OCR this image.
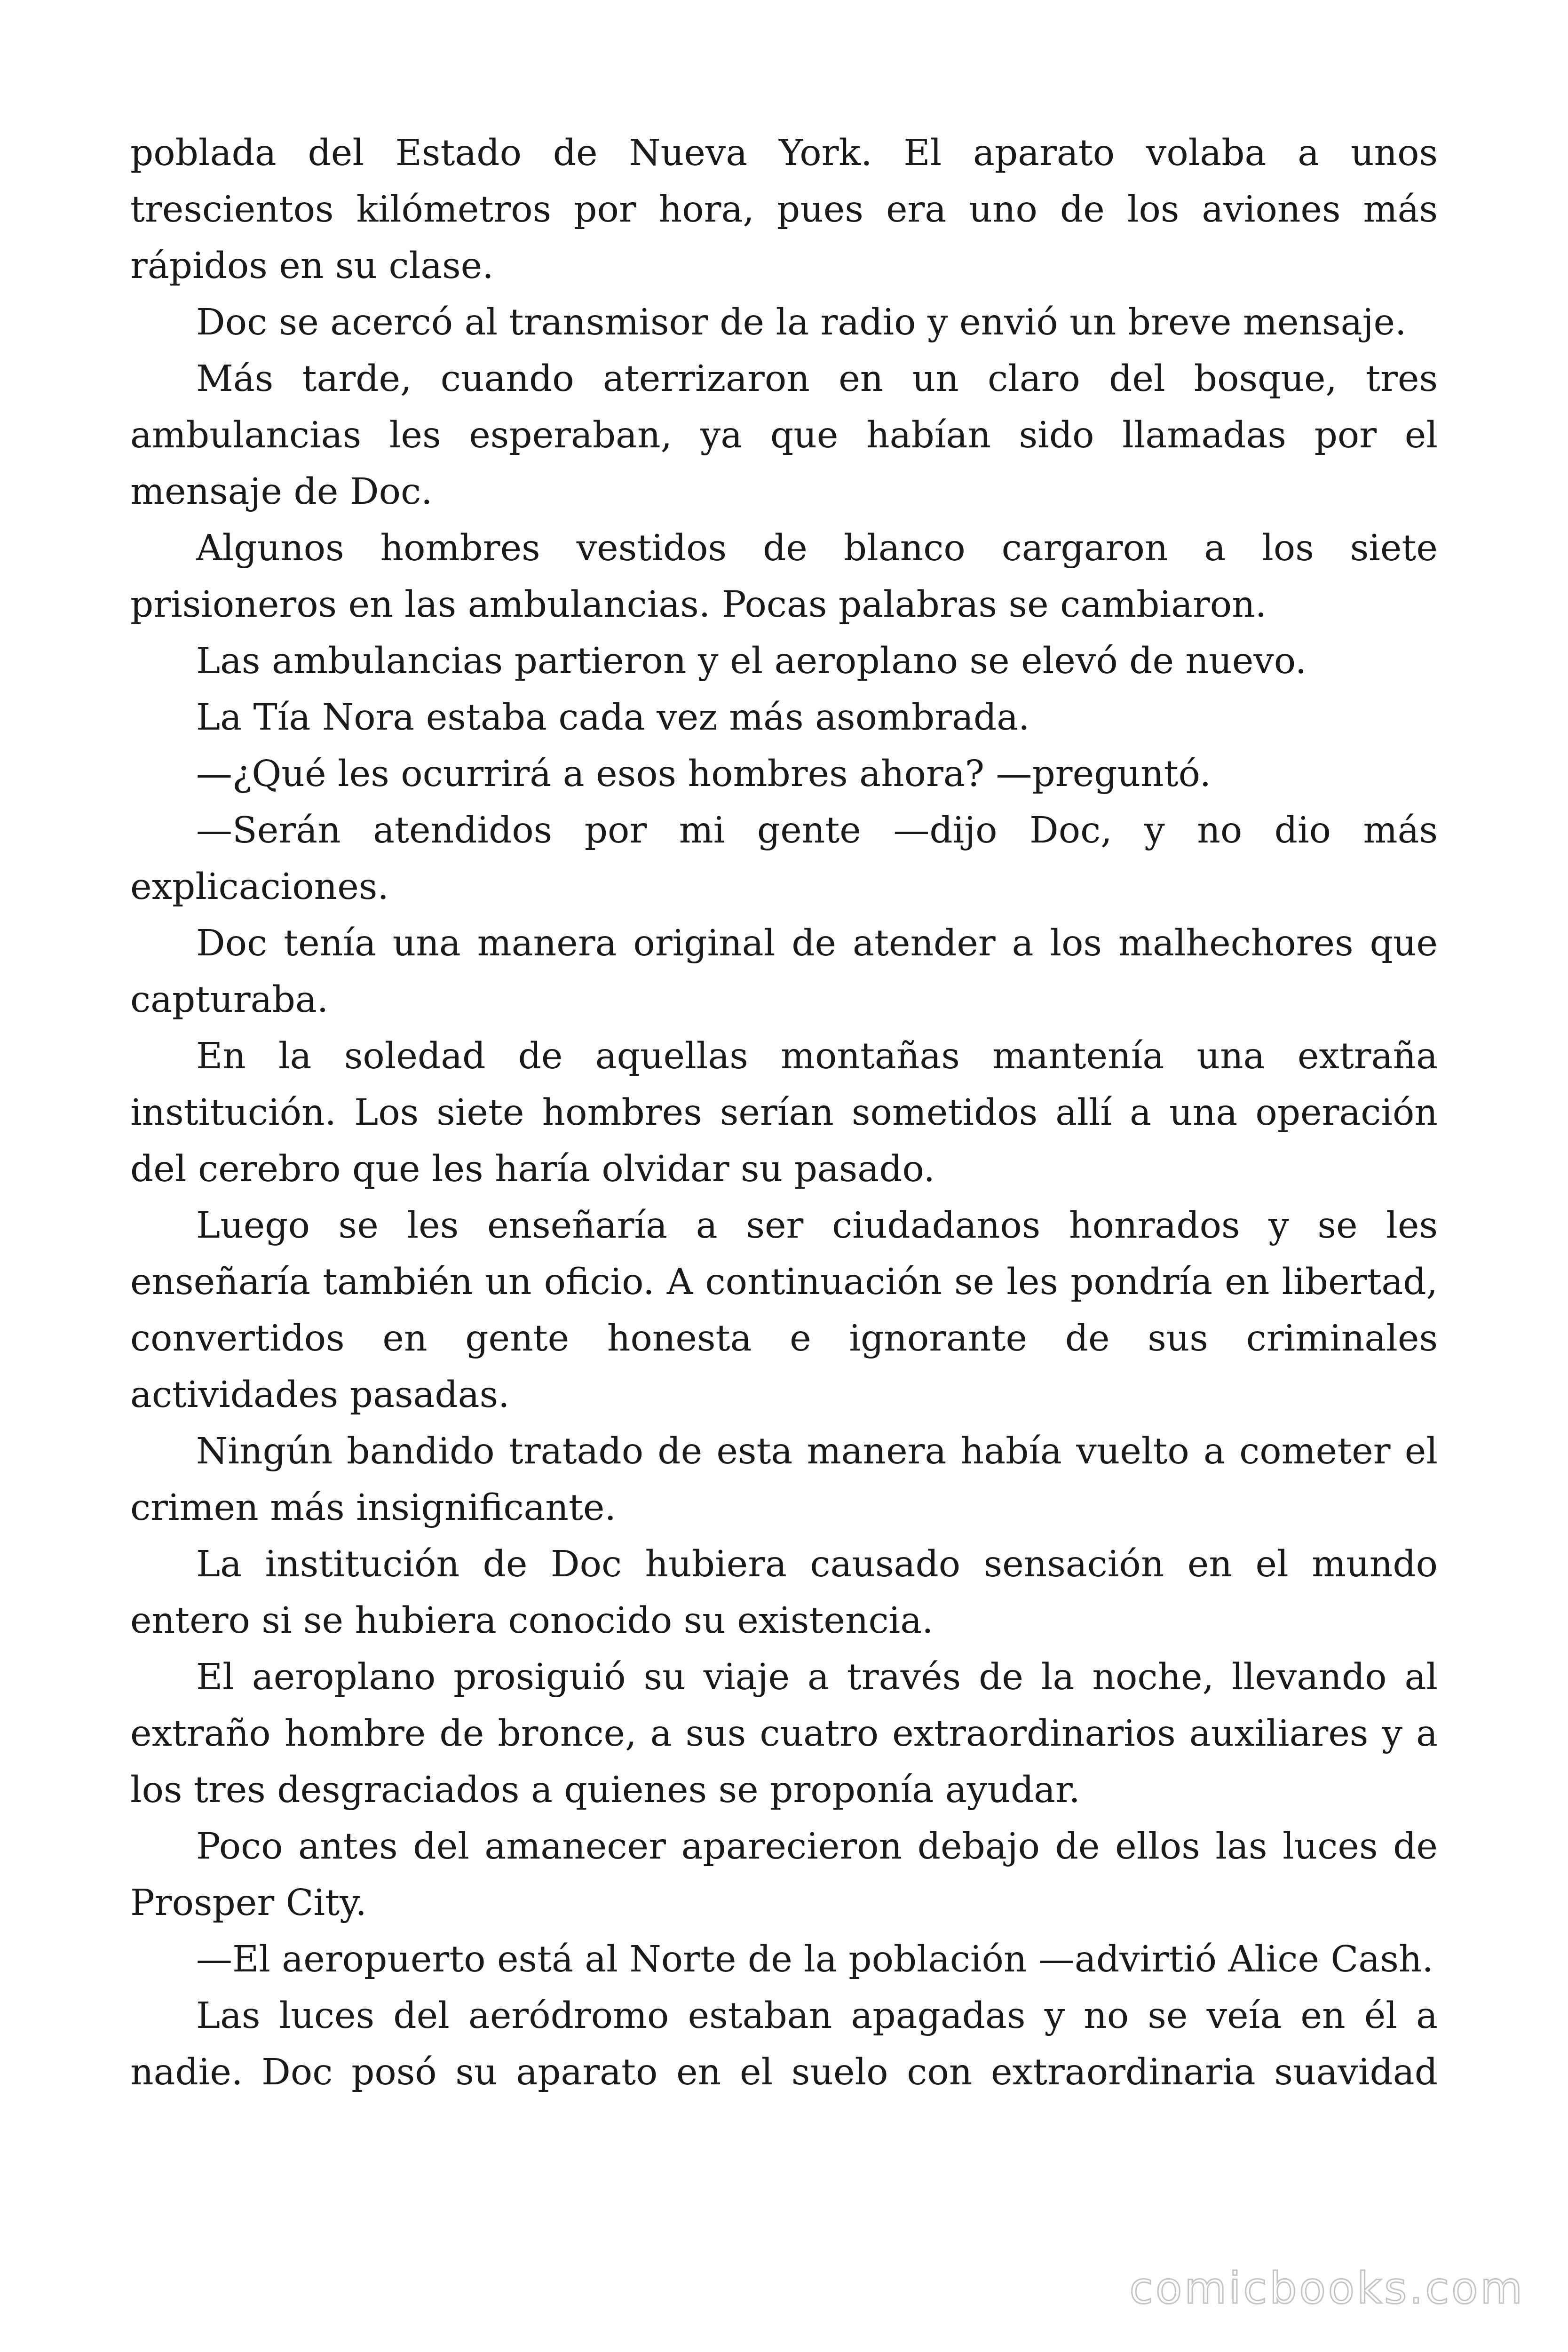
poblada del Estado de Nueva York. El aparato volaba a unos trescientos kilómetros por hora, pues era uno de los aviones más rápidos en su clase.

Doc se acercó al transmisor de la radio y envió un breve mensaje.

Más tarde, cuando aterrizaron en un claro del bosque, tres ambulancias les esperaban, ya que habían sido llamadas por el mensaje de Doc.

Algunos hombres vestidos de blanco cargaron a los siete prisioneros en las ambulancias. Pocas palabras se cambiaron.

Las ambulancias partieron y el aeroplano se elevó de nuevo.

La Tía Nora estaba cada vez más asombrada.

—¿Qué les ocurrirá a esos hombres ahora? —preguntó.

—Serán atendidos por mi gente —dijo Doc, y no dio más explicaciones.

Doc tenía una manera original de atender a los malhechores que capturaba.

En la soledad de aquellas montañas mantenía una extraña institución. Los siete hombres serían sometidos allí a una operación del cerebro que les haría olvidar su pasado.

Luego se les enseñaría a ser ciudadanos honrados y se les enseñaría también un oficio. A continuación se les pondría en libertad, convertidos en gente honesta e ignorante de sus criminales actividades pasadas.

Ningún bandido tratado de esta manera había vuelto a cometer el crimen más insignificante.

La institución de Doc hubiera causado sensación en el mundo entero si se hubiera conocido su existencia.

El aeroplano prosiguió su viaje a través de la noche, llevando al extraño hombre de bronce, a sus cuatro extraordinarios auxiliares y a los tres desgraciados a quienes se proponía ayudar.

Poco antes del amanecer aparecieron debajo de ellos las luces de Prosper City.

—El aeropuerto está al Norte de la población —advirtió Alice Cash.

Las luces del aeródromo estaban apagadas y no se veía en él a nadie. Doc posó su aparato en el suelo con extraordinaria suavidad

comicbooks.com
